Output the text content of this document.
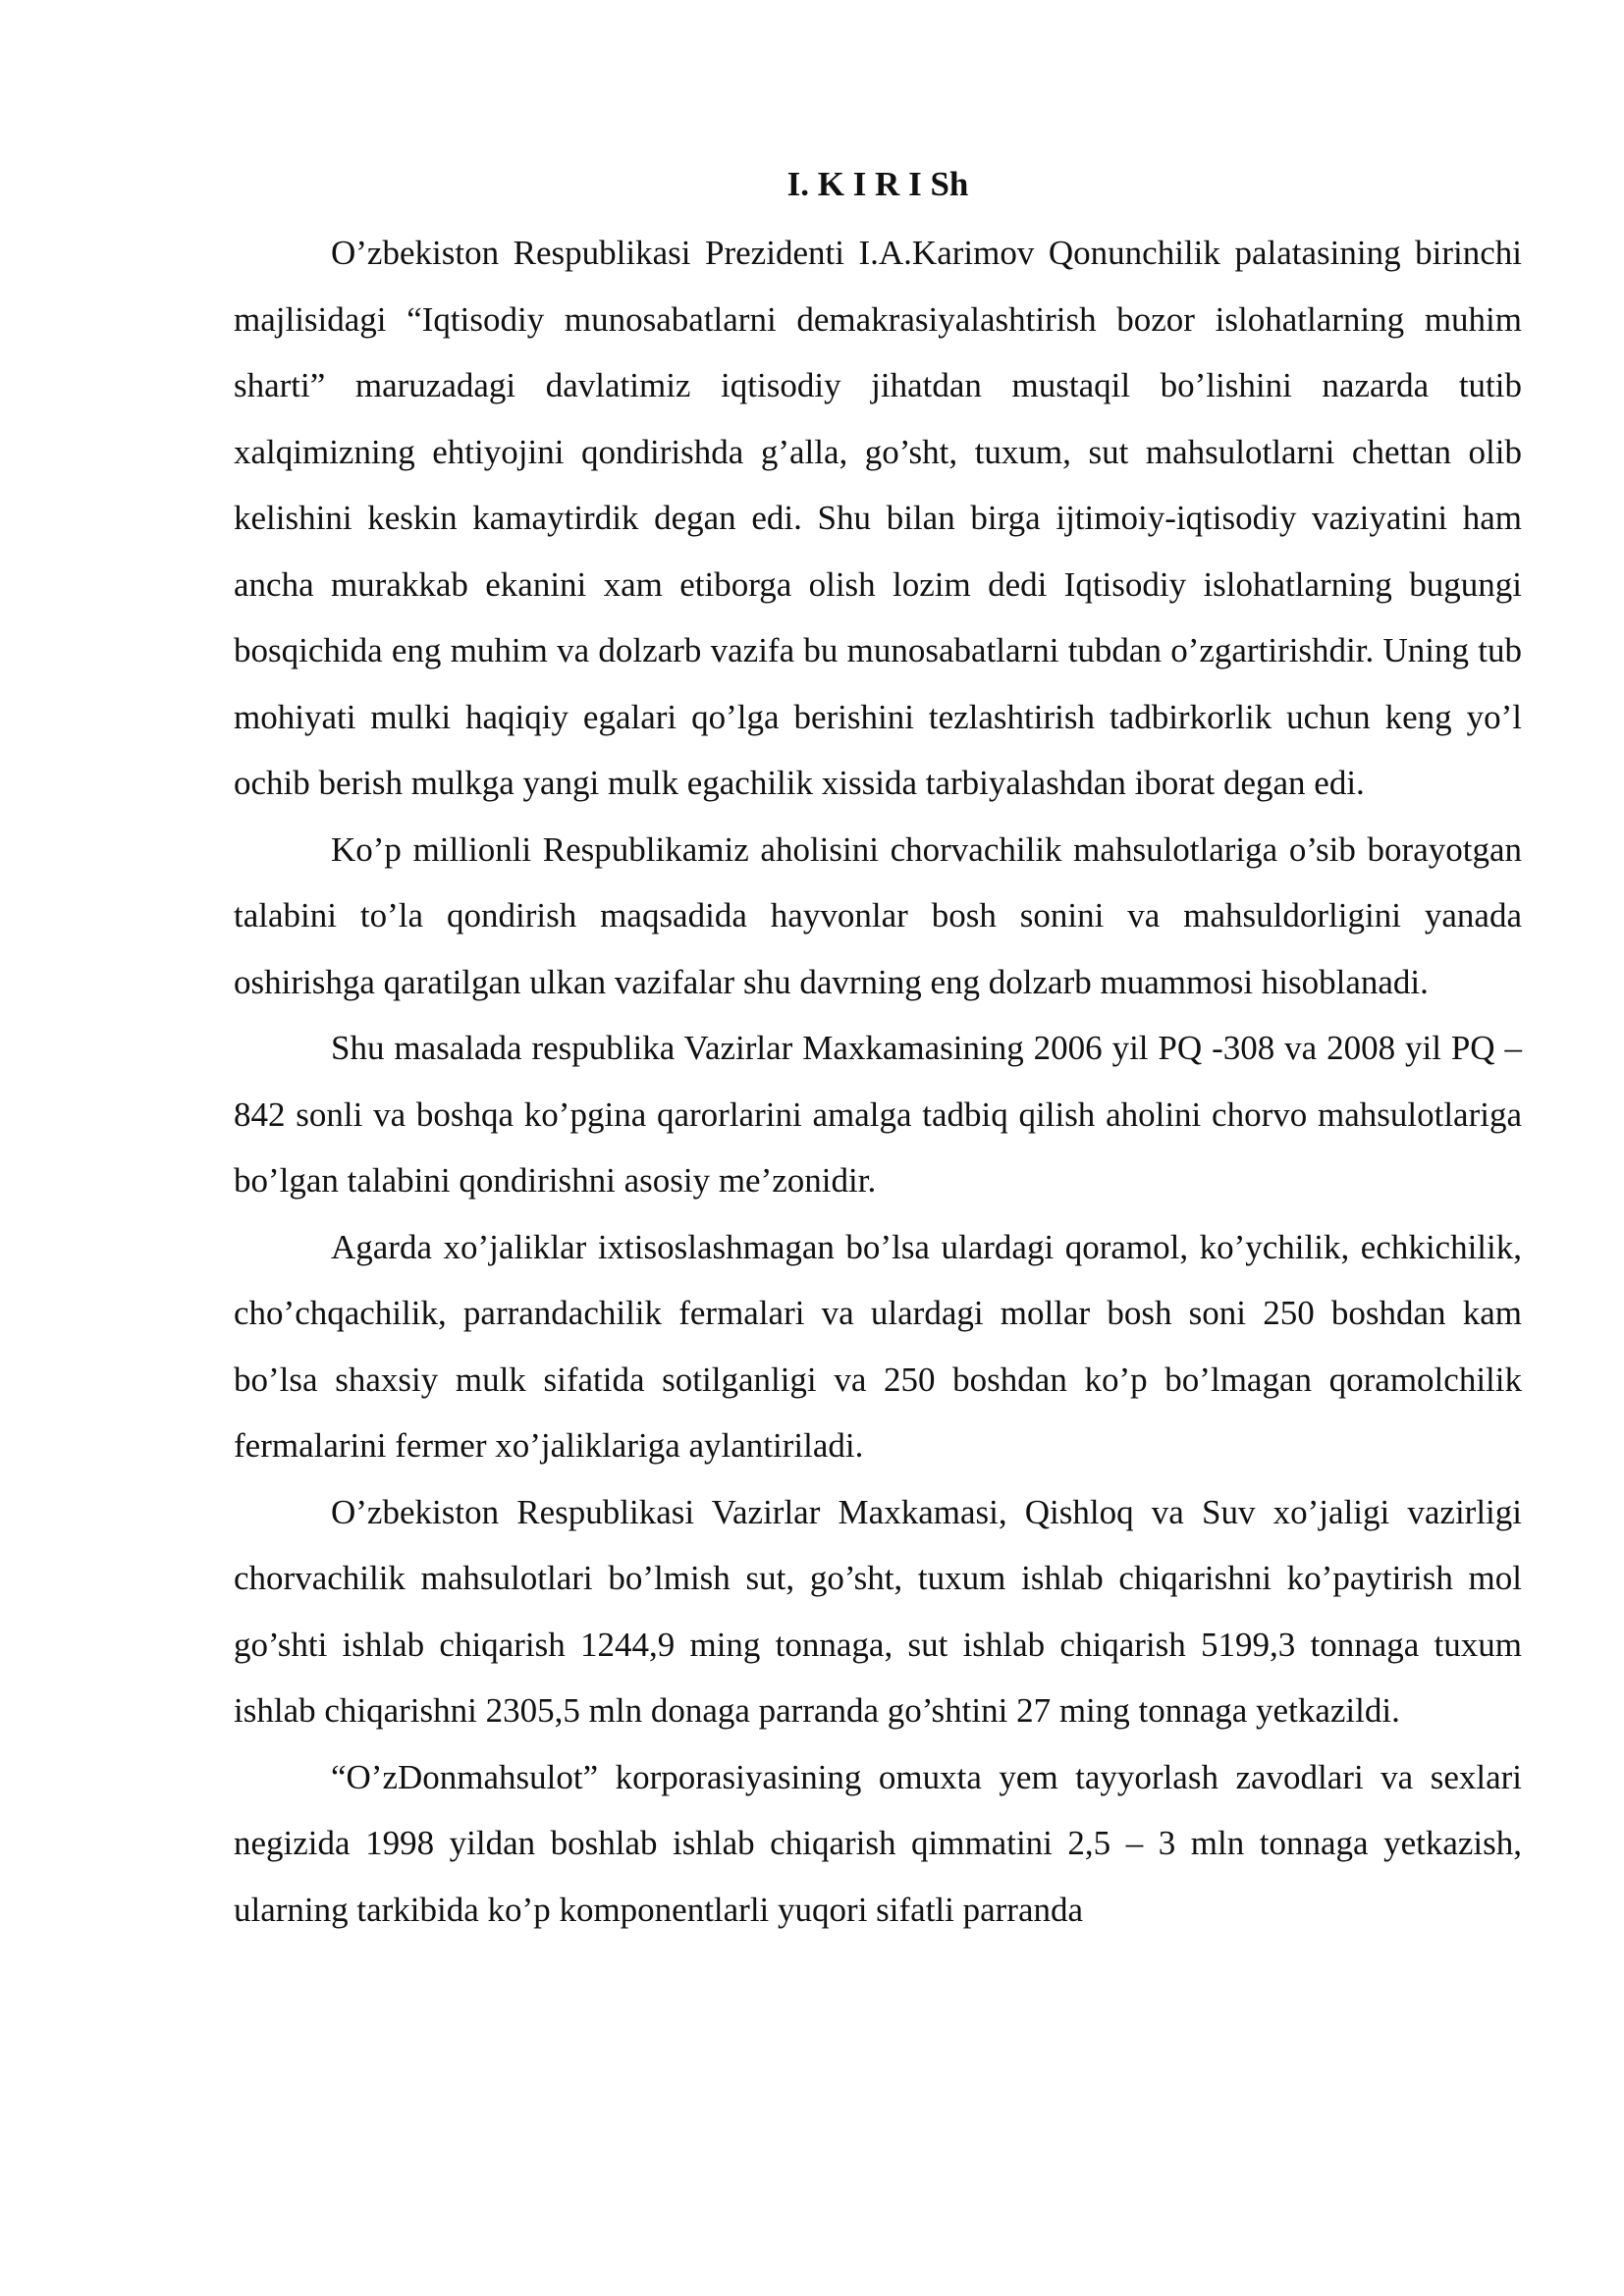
I. K I R I Sh

O’zbekiston Respublikasi Prezidenti I.A.Karimov Qonunchilik palatasining birinchi majlisidagi “Iqtisodiy munosabatlarni demakrasiyalashtirish bozor islohatlarning muhim sharti” maruzadagi davlatimiz iqtisodiy jihatdan mustaqil bo’lishini nazarda tutib xalqimizning ehtiyojini qondirishda g’alla, go’sht, tuxum, sut mahsulotlarni chettan olib kelishini keskin kamaytirdik degan edi. Shu bilan birga ijtimoiy-iqtisodiy vaziyatini ham ancha murakkab ekanini xam etiborga olish lozim dedi Iqtisodiy islohatlarning bugungi bosqichida eng muhim va dolzarb vazifa bu munosabatlarni tubdan o’zgartirishdir. Uning tub mohiyati mulki haqiqiy egalari qo’lga berishini tezlashtirish tadbirkorlik uchun keng yo’l ochib berish mulkga yangi mulk egachilik xissida tarbiyalashdan iborat degan edi.

Ko’p millionli Respublikamiz aholisini chorvachilik mahsulotlariga o’sib borayotgan talabini to’la qondirish maqsadida hayvonlar bosh sonini va mahsuldorligini yanada oshirishga qaratilgan ulkan vazifalar shu davrning eng dolzarb muammosi hisoblanadi.

Shu masalada respublika Vazirlar Maxkamasining 2006 yil PQ -308 va 2008 yil PQ – 842 sonli va boshqa ko’pgina qarorlarini amalga tadbiq qilish aholini chorvo mahsulotlariga bo’lgan talabini qondirishni asosiy me’zonidir.

Agarda xo’jaliklar ixtisoslashmagan bo’lsa ulardagi qoramol, ko’ychilik, echkichilik, cho’chqachilik, parrandachilik fermalari va ulardagi mollar bosh soni 250 boshdan kam bo’lsa shaxsiy mulk sifatida sotilganligi va 250 boshdan ko’p bo’lmagan qoramolchilik fermalarini fermer xo’jaliklariga aylantiriladi.

O’zbekiston Respublikasi Vazirlar Maxkamasi, Qishloq va Suv xo’jaligi vazirligi chorvachilik mahsulotlari bo’lmish sut, go’sht, tuxum ishlab chiqarishni ko’paytirish mol go’shti ishlab chiqarish 1244,9 ming tonnaga, sut ishlab chiqarish 5199,3 tonnaga tuxum ishlab chiqarishni 2305,5 mln donaga parranda go’shtini 27 ming tonnaga yetkazildi.

“O’zDonmahsulot” korporasiyasining omuxta yem tayyorlash zavodlari va sexlari negizida 1998 yildan boshlab ishlab chiqarish qimmatini 2,5 – 3 mln tonnaga yetkazish, ularning tarkibida ko’p komponentlarli yuqori sifatli parranda
